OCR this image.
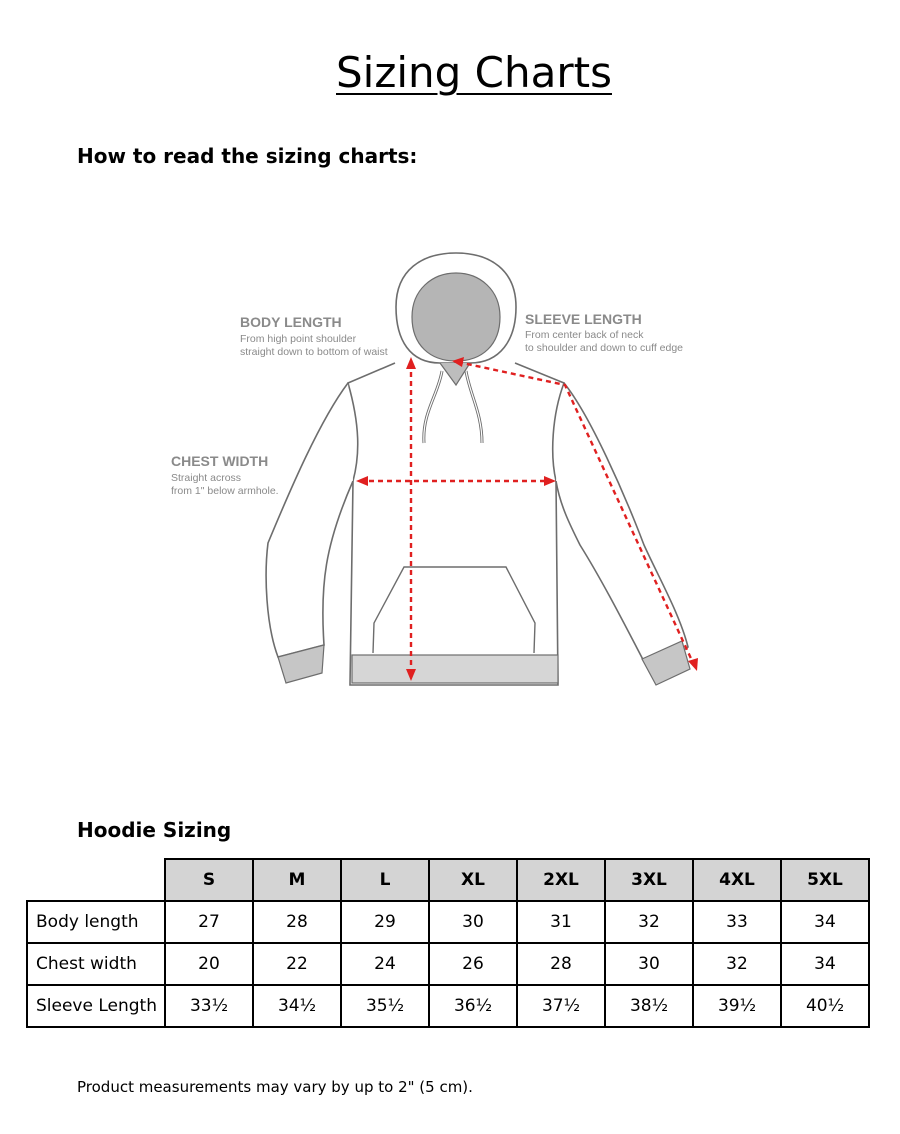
Sizing Charts
How to read the sizing charts:
BODY LENGTH
From high point shoulder
straight down to bottom of waist
SLEEVE LENGTH
From center back of neck
to shoulder and down to cuff edge
CHEST WIDTH
Straight across
from 1" below armhole.
Hoodie Sizing
	S	M	L	XL	2XL	3XL	4XL	5XL
Body length	27	28	29	30	31	32	33	34
Chest width	20	22	24	26	28	30	32	34
Sleeve Length	33½	34½	35½	36½	37½	38½	39½	40½
Product measurements may vary by up to 2" (5 cm).
